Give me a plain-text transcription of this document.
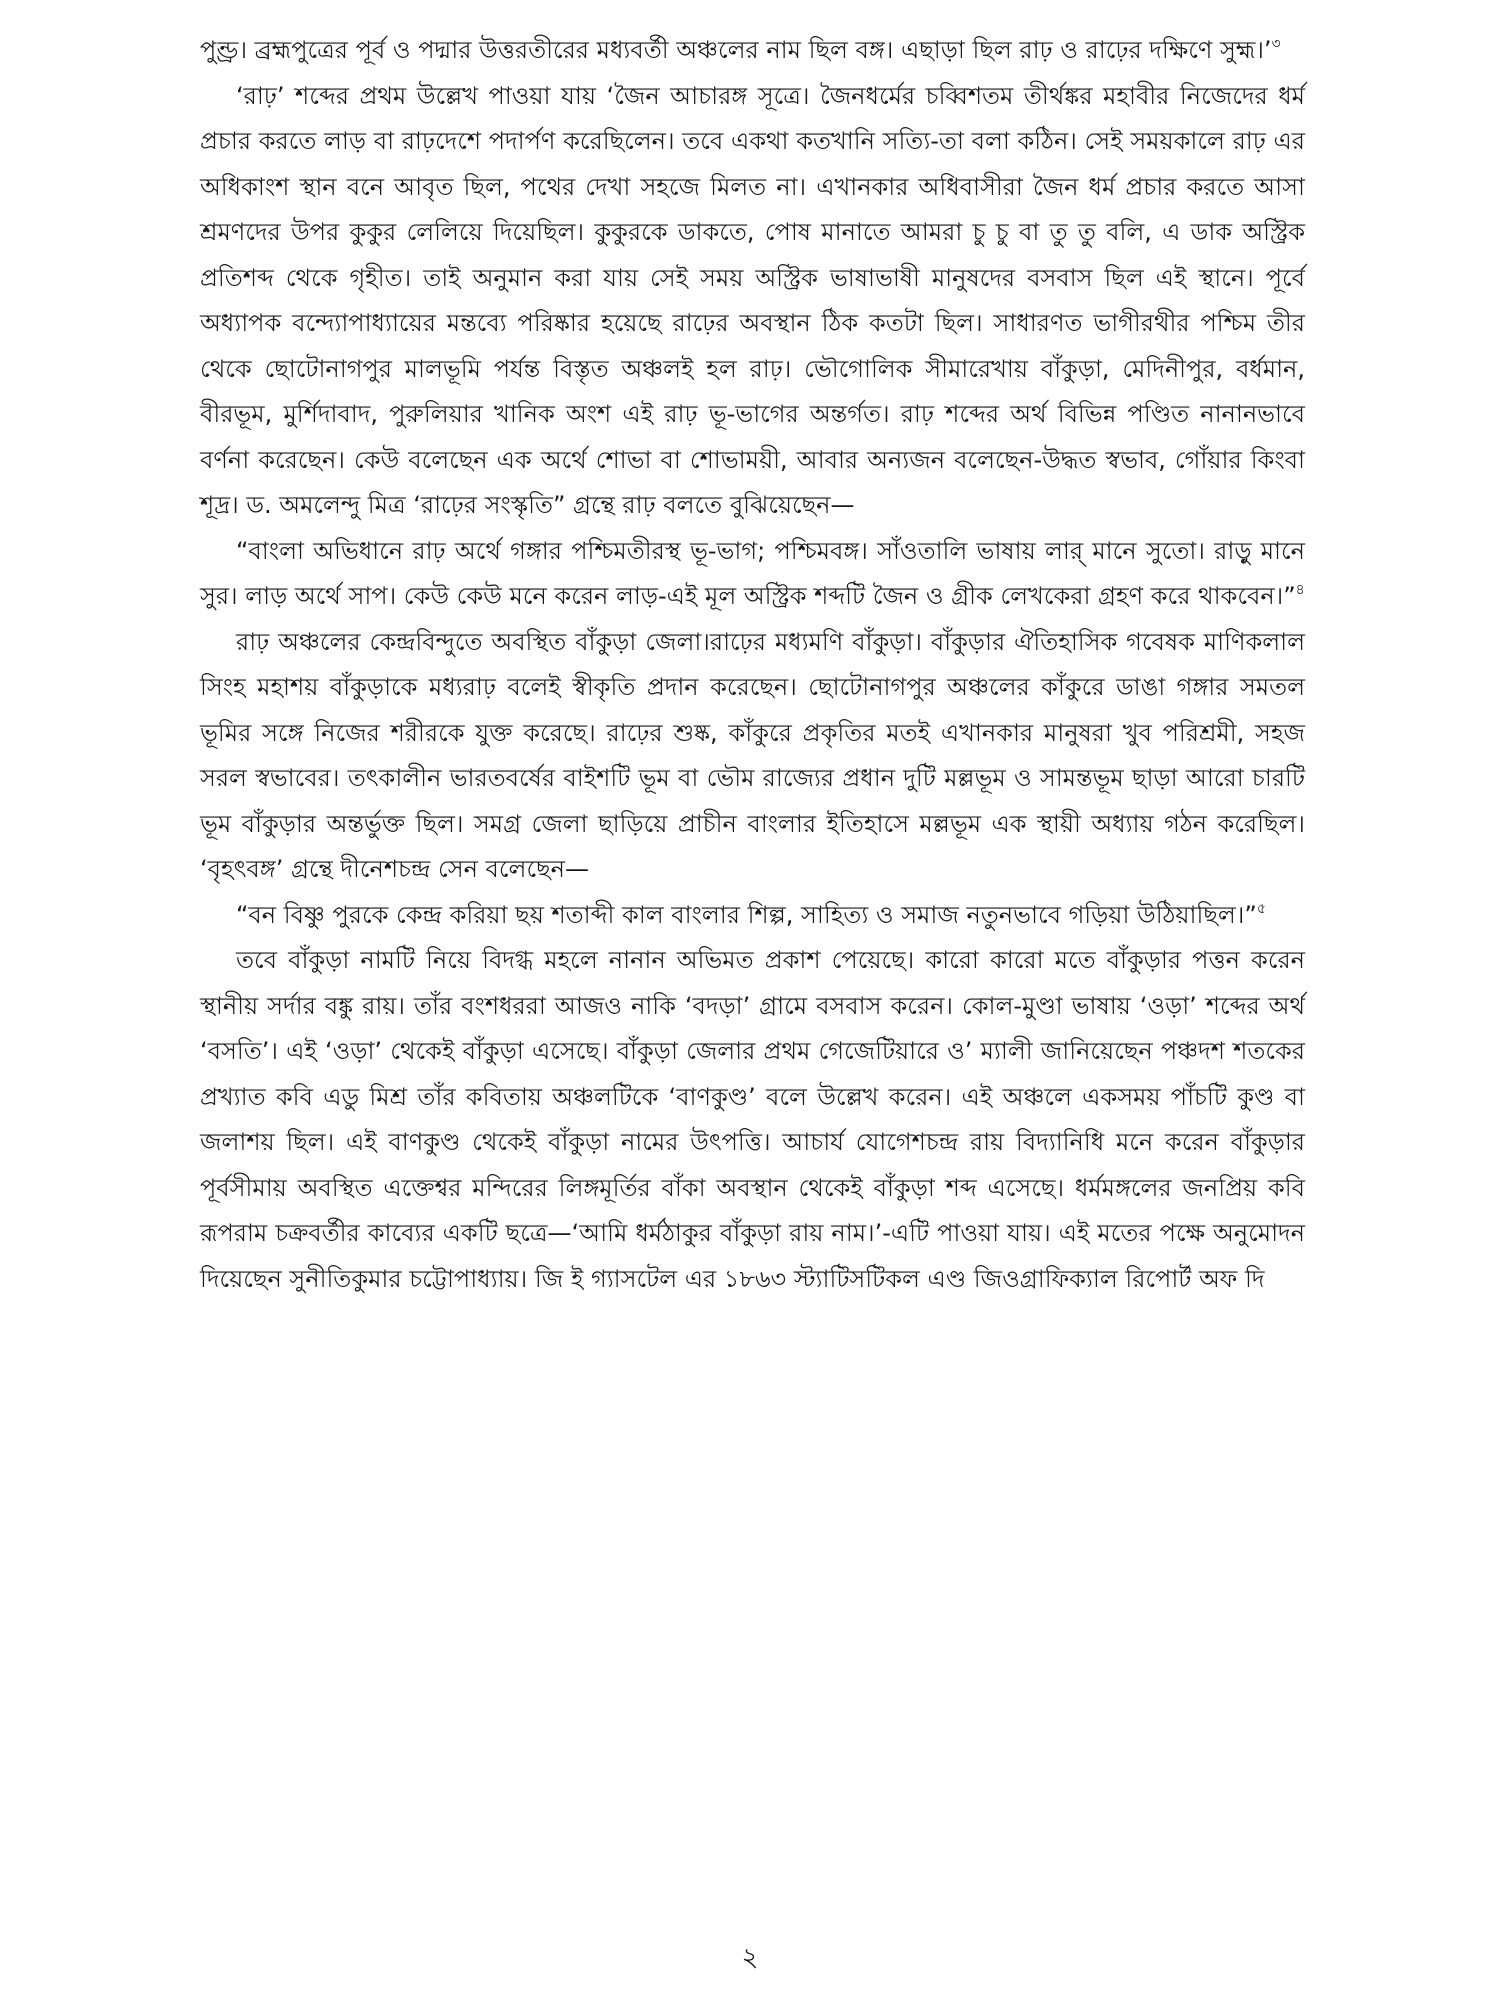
পুণ্ড্র। ব্রহ্মপুত্রের পূর্ব ও পদ্মার উত্তরতীরের মধ্যবর্তী অঞ্চলের নাম ছিল বঙ্গ। এছাড়া ছিল রাঢ় ও রাঢ়ের দক্ষিণে সুহ্ম।’$^৩$

‘রাঢ়’ শব্দের প্রথম উল্লেখ পাওয়া যায় ‘জৈন আচারঙ্গ সূত্রে। জৈনধর্মের চব্বিশতম তীর্থঙ্কর মহাবীর নিজেদের ধর্ম প্রচার করতে লাড় বা রাঢ়দেশে পদার্পণ করেছিলেন। তবে একথা কতখানি সত্যি-তা বলা কঠিন। সেই সময়কালে রাঢ় এর অধিকাংশ স্থান বনে আবৃত ছিল, পথের দেখা সহজে মিলত না। এখানকার অধিবাসীরা জৈন ধর্ম প্রচার করতে আসা শ্রমণদের উপর কুকুর লেলিয়ে দিয়েছিল। কুকুরকে ডাকতে, পোষ মানাতে আমরা চু চু বা তু তু বলি, এ ডাক অস্ট্রিক প্রতিশব্দ থেকে গৃহীত। তাই অনুমান করা যায় সেই সময় অস্ট্রিক ভাষাভাষী মানুষদের বসবাস ছিল এই স্থানে। পূর্বে অধ্যাপক বন্দ্যোপাধ্যায়ের মন্তব্যে পরিষ্কার হয়েছে রাঢ়ের অবস্থান ঠিক কতটা ছিল। সাধারণত ভাগীরথীর পশ্চিম তীর থেকে ছোটোনাগপুর মালভূমি পর্যন্ত বিস্তৃত অঞ্চলই হল রাঢ়। ভৌগোলিক সীমারেখায় বাঁকুড়া, মেদিনীপুর, বর্ধমান, বীরভূম, মুর্শিদাবাদ, পুরুলিয়ার খানিক অংশ এই রাঢ় ভূ-ভাগের অন্তর্গত। রাঢ় শব্দের অর্থ বিভিন্ন পণ্ডিত নানানভাবে বর্ণনা করেছেন। কেউ বলেছেন এক অর্থে শোভা বা শোভাময়ী, আবার অন্যজন বলেছেন-উদ্ধত স্বভাব, গোঁয়ার কিংবা শূদ্র। ড. অমলেন্দু মিত্র ‘রাঢ়ের সংস্কৃতি” গ্রন্থে রাঢ় বলতে বুঝিয়েছেন—

“বাংলা অভিধানে রাঢ় অর্থে গঙ্গার পশ্চিমতীরস্থ ভূ-ভাগ; পশ্চিমবঙ্গ। সাঁওতালি ভাষায় লার্ মানে সুতো। রাড়ু মানে সুর। লাড় অর্থে সাপ। কেউ কেউ মনে করেন লাড়-এই মূল অস্ট্রিক শব্দটি জৈন ও গ্রীক লেখকেরা গ্রহণ করে থাকবেন।”$^৪$

রাঢ় অঞ্চলের কেন্দ্রবিন্দুতে অবস্থিত বাঁকুড়া জেলা।রাঢ়ের মধ্যমণি বাঁকুড়া। বাঁকুড়ার ঐতিহাসিক গবেষক মাণিকলাল সিংহ মহাশয় বাঁকুড়াকে মধ্যরাঢ় বলেই স্বীকৃতি প্রদান করেছেন। ছোটোনাগপুর অঞ্চলের কাঁকুরে ডাঙা গঙ্গার সমতল ভূমির সঙ্গে নিজের শরীরকে যুক্ত করেছে। রাঢ়ের শুষ্ক, কাঁকুরে প্রকৃতির মতই এখানকার মানুষরা খুব পরিশ্রমী, সহজ সরল স্বভাবের। তৎকালীন ভারতবর্ষের বাইশটি ভূম বা ভৌম রাজ্যের প্রধান দুটি মল্লভূম ও সামন্তভূম ছাড়া আরো চারটি ভূম বাঁকুড়ার অন্তর্ভুক্ত ছিল। সমগ্র জেলা ছাড়িয়ে প্রাচীন বাংলার ইতিহাসে মল্লভূম এক স্থায়ী অধ্যায় গঠন করেছিল। ‘বৃহৎবঙ্গ’ গ্রন্থে দীনেশচন্দ্র সেন বলেছেন—

“বন বিষ্ণু পুরকে কেন্দ্র করিয়া ছয় শতাব্দী কাল বাংলার শিল্প, সাহিত্য ও সমাজ নতুনভাবে গড়িয়া উঠিয়াছিল।”$^৫$

তবে বাঁকুড়া নামটি নিয়ে বিদগ্ধ মহলে নানান অভিমত প্রকাশ পেয়েছে। কারো কারো মতে বাঁকুড়ার পত্তন করেন স্থানীয় সর্দার বঙ্কু রায়। তাঁর বংশধররা আজও নাকি ‘বদড়া’ গ্রামে বসবাস করেন। কোল-মুণ্ডা ভাষায় ‘ওড়া’ শব্দের অর্থ ‘বসতি’। এই ‘ওড়া’ থেকেই বাঁকুড়া এসেছে। বাঁকুড়া জেলার প্রথম গেজেটিয়ারে ও’ ম্যালী জানিয়েছেন পঞ্চদশ শতকের প্রখ্যাত কবি এডু মিশ্র তাঁর কবিতায় অঞ্চলটিকে ‘বাণকুণ্ড’ বলে উল্লেখ করেন। এই অঞ্চলে একসময় পাঁচটি কুণ্ড বা জলাশয় ছিল। এই বাণকুণ্ড থেকেই বাঁকুড়া নামের উৎপত্তি। আচার্য যোগেশচন্দ্র রায় বিদ্যানিধি মনে করেন বাঁকুড়ার পূর্বসীমায় অবস্থিত এক্তেশ্বর মন্দিরের লিঙ্গমূর্তির বাঁকা অবস্থান থেকেই বাঁকুড়া শব্দ এসেছে। ধর্মমঙ্গলের জনপ্রিয় কবি রূপরাম চক্রবর্তীর কাব্যের একটি ছত্রে—‘আমি ধর্মঠাকুর বাঁকুড়া রায় নাম।’-এটি পাওয়া যায়। এই মতের পক্ষে অনুমোদন দিয়েছেন সুনীতিকুমার চট্টোপাধ্যায়। জি ই গ্যাসটেল এর ১৮৬৩ স্ট্যাটিসটিকল এণ্ড জিওগ্রাফিক্যাল রিপোর্ট অফ দি

২
